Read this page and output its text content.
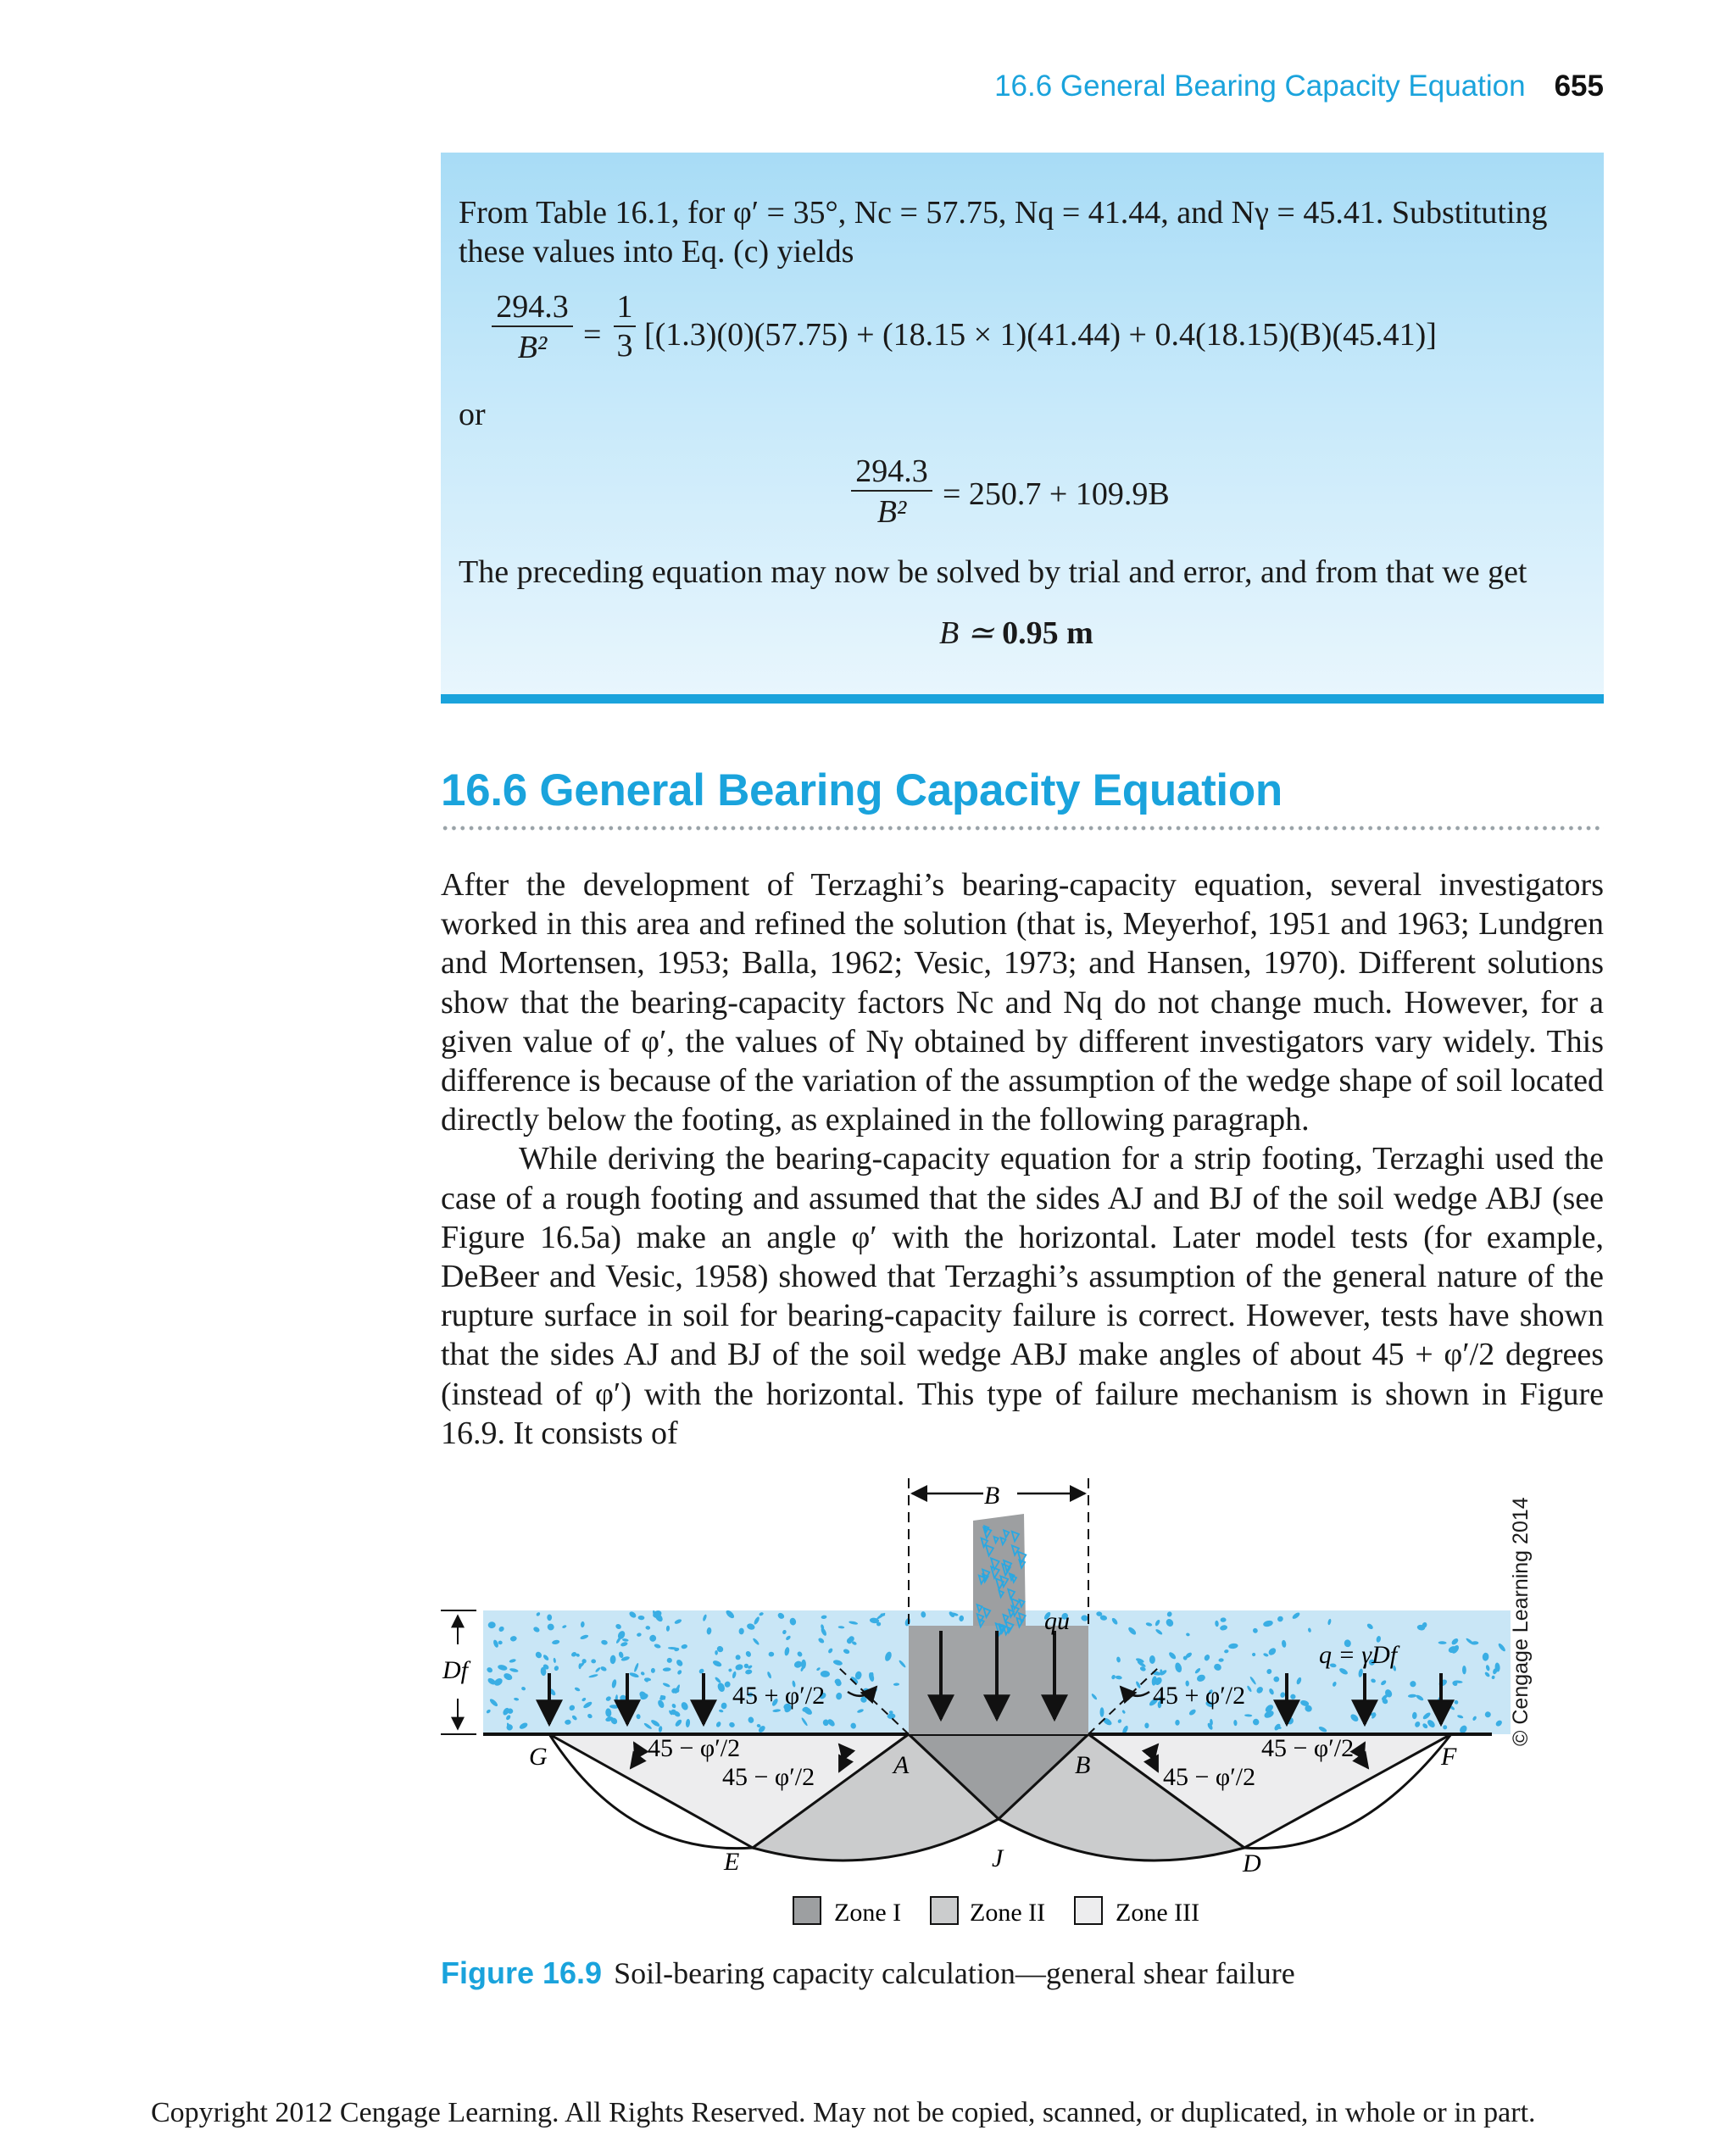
16.6 General Bearing Capacity Equation 655
From Table 16.1, for φ′ = 35°, Nc = 57.75, Nq = 41.44, and Nγ = 45.41. Substituting
these values into Eq. (c) yields
$\frac{294.3}{\text{B²}} = \frac{1}{3} [(1.3)(0)(57.75) + (18.15 \times 1)(41.44) + 0.4(18.15)(B)(45.41)]$
or
$\frac{294.3}{\text{B²}} = 250.7 + 109.9B$
The preceding equation may now be solved by trial and error, and from that we get
B ≃ 0.95 m
16.6 General Bearing Capacity Equation

After the development of Terzaghi’s bearing-capacity equation, several investigators worked in this area and refined the solution (that is, Meyerhof, 1951 and 1963; Lundgren and Mortensen, 1953; Balla, 1962; Vesic, 1973; and Hansen, 1970). Different solutions show that the bearing-capacity factors Nc and Nq do not change much. However, for a given value of φ′, the values of Nγ obtained by different investigators vary widely. This difference is because of the variation of the assumption of the wedge shape of soil located directly below the footing, as explained in the following paragraph.

While deriving the bearing-capacity equation for a strip footing, Terzaghi used the case of a rough footing and assumed that the sides AJ and BJ of the soil wedge ABJ (see Figure 16.5a) make an angle φ′ with the horizontal. Later model tests (for example, DeBeer and Vesic, 1958) showed that Terzaghi’s assumption of the general nature of the rupture surface in soil for bearing-capacity failure is correct. However, tests have shown that the sides AJ and BJ of the soil wedge ABJ make angles of about 45 + φ′/2 degrees (instead of φ′) with the horizontal. This type of failure mechanism is shown in Figure 16.9. It consists of

B
qu
q = γDf
Df
45 + φ′/2	45 + φ′/2
45 − φ′/2
45 − φ′/2
45 − φ′/2
45 − φ′/2
G	A	B	F
E	J	D
Zone I	Zone II	Zone III
© Cengage Learning 2014
Figure 16.9 Soil-bearing capacity calculation—general shear failure
Copyright 2012 Cengage Learning. All Rights Reserved. May not be copied, scanned, or duplicated, in whole or in part.
